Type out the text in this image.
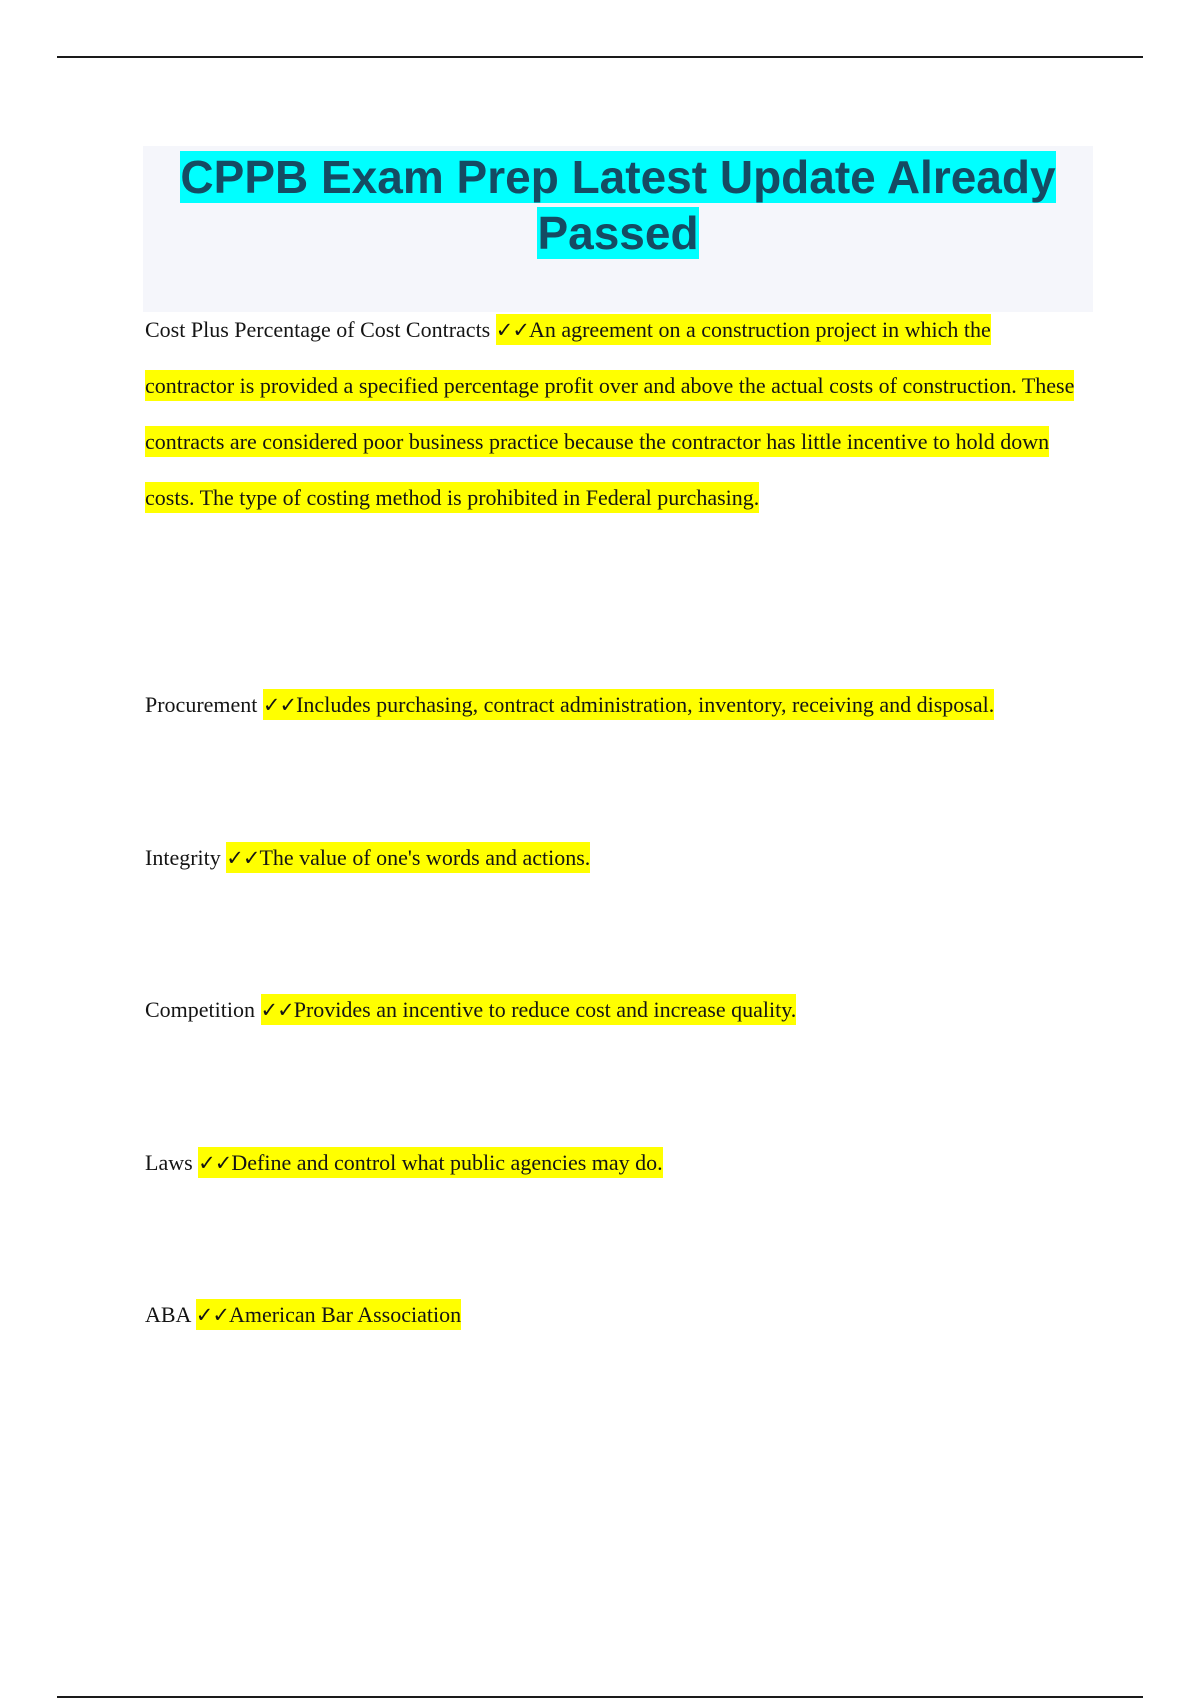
CPPB Exam Prep Latest Update Already Passed
Cost Plus Percentage of Cost Contracts ✓✓An agreement on a construction project in which the contractor is provided a specified percentage profit over and above the actual costs of construction. These contracts are considered poor business practice because the contractor has little incentive to hold down costs. The type of costing method is prohibited in Federal purchasing.
Procurement ✓✓Includes purchasing, contract administration, inventory, receiving and disposal.
Integrity ✓✓The value of one's words and actions.
Competition ✓✓Provides an incentive to reduce cost and increase quality.
Laws ✓✓Define and control what public agencies may do.
ABA ✓✓American Bar Association
